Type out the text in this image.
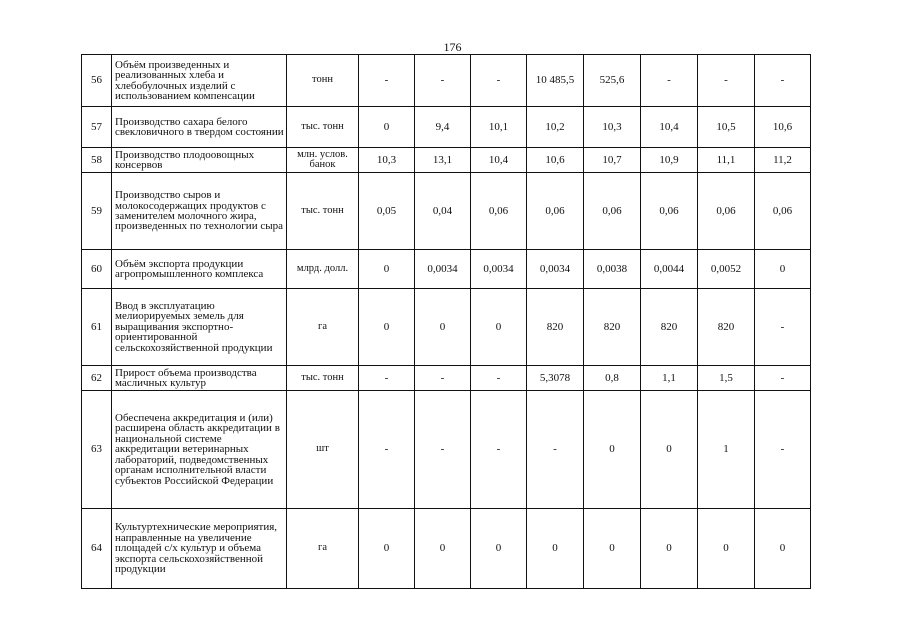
176
56	Объём произведенных и реализованных хлеба и хлебобулочных изделий с использованием компенсации	тонн	-	-	-	10 485,5	525,6	-	-	-
57	Производство сахара белого свекловичного в твердом состоянии	тыс. тонн	0	9,4	10,1	10,2	10,3	10,4	10,5	10,6
58	Производство плодоовощных консервов	млн. услов. банок	10,3	13,1	10,4	10,6	10,7	10,9	11,1	11,2
59	Производство сыров и молокосодержащих продуктов с заменителем молочного жира, произведенных по технологии сыра	тыс. тонн	0,05	0,04	0,06	0,06	0,06	0,06	0,06	0,06
60	Объём экспорта продукции агропромышленного комплекса	млрд. долл.	0	0,0034	0,0034	0,0034	0,0038	0,0044	0,0052	0
61	Ввод в эксплуатацию мелиорируемых земель для выращивания экспортно-ориентированной сельскохозяйственной продукции	га	0	0	0	820	820	820	820	-
62	Прирост объема производства масличных культур	тыс. тонн	-	-	-	5,3078	0,8	1,1	1,5	-
63	Обеспечена аккредитация и (или) расширена область аккредитации в национальной системе аккредитации ветеринарных лабораторий, подведомственных органам исполнительной власти субъектов Российской Федерации	шт	-	-	-	-	0	0	1	-
64	Культуртехнические мероприятия, направленные на увеличение площадей с/х культур и объема экспорта сельскохозяйственной продукции	га	0	0	0	0	0	0	0	0
